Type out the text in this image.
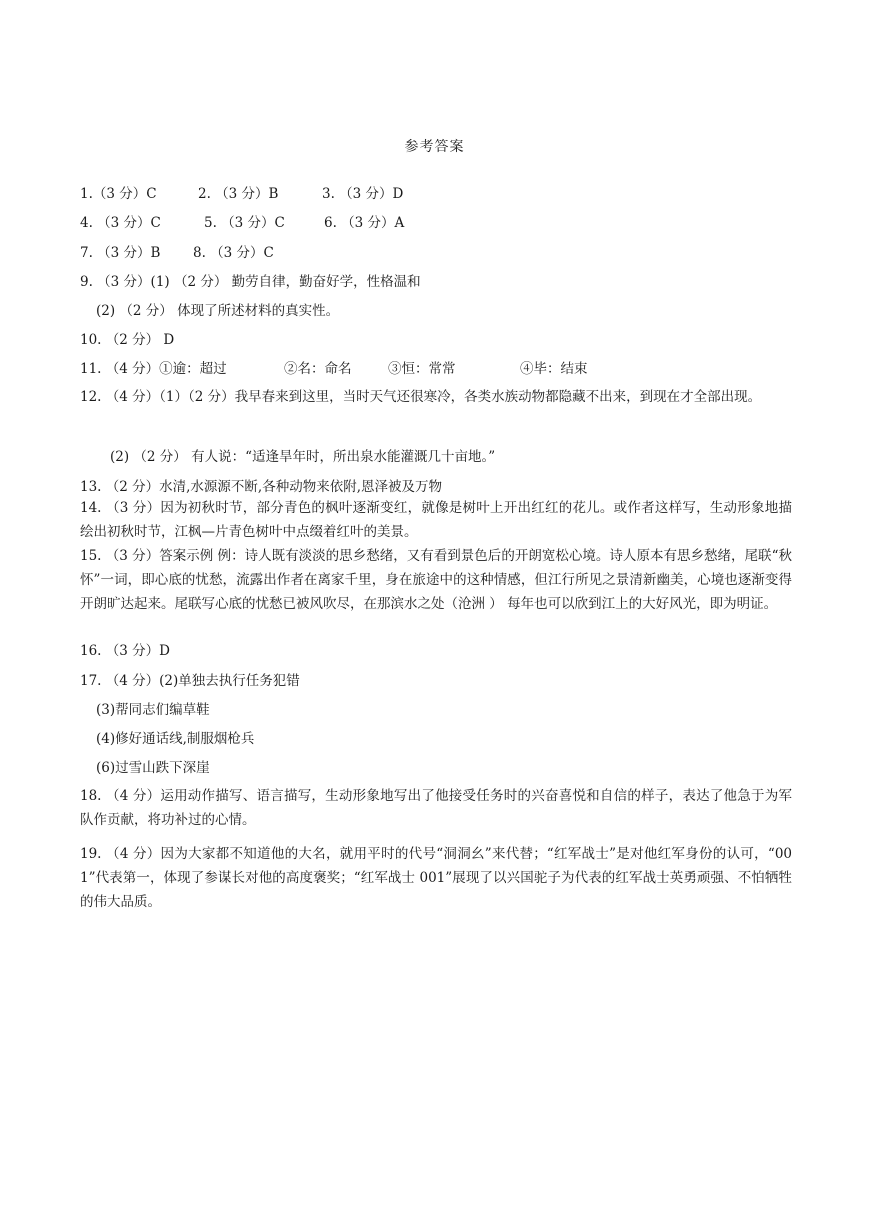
参考答案
1.（3 分）C	2. （3 分）B	3. （3 分）D
4. （3 分）C	5. （3 分）C	6. （3 分）A
7. （3 分）B 8. （3 分）C
9. （3 分）(1) （2 分） 勤劳自律，勤奋好学，性格温和
(2) （2 分） 体现了所述材料的真实性。
10. （2 分） D
11. （4 分）①逾：超过	②名：命名	③恒：常常	④毕：结束
12. （4 分）（1）（2 分）我早春来到这里，当时天气还很寒冷，各类水族动物都隐藏不出来，到现在才全部出现。
(2) （2 分） 有人说：“适逢旱年时，所出泉水能灌溉几十亩地。”
13. （2 分）水清,水源源不断,各种动物来依附,恩泽被及万物
14. （3 分）因为初秋时节，部分青色的枫叶逐渐变红，就像是树叶上开出红红的花儿。或作者这样写，生动形象地描绘出初秋时节，江枫—片青色树叶中点缀着红叶的美景。
15. （3 分）答案示例 例：诗人既有淡淡的思乡愁绪，又有看到景色后的开朗宽松心境。诗人原本有思乡愁绪，尾联“秋怀”一词，即心底的忧愁，流露出作者在离家千里，身在旅途中的这种情感，但江行所见之景清新幽美，心境也逐渐变得开朗旷达起来。尾联写心底的忧愁已被风吹尽，在那滨水之处（沧洲 ） 每年也可以欣到江上的大好风光，即为明证。
16. （3 分）D
17. （4 分）(2)单独去执行任务犯错
(3)帮同志们编草鞋
(4)修好通话线,制服烟枪兵
(6)过雪山跌下深崖
18. （4 分）运用动作描写、语言描写，生动形象地写出了他接受任务时的兴奋喜悦和自信的样子，表达了他急于为军队作贡献，将功补过的心情。
19. （4 分）因为大家都不知道他的大名，就用平时的代号“洞洞幺”来代替；“红军战士”是对他红军身份的认可，“001”代表第一，体现了参谋长对他的高度褒奖；“红军战士 001”展现了以兴国驼子为代表的红军战士英勇顽强、不怕牺牲的伟大品质。
